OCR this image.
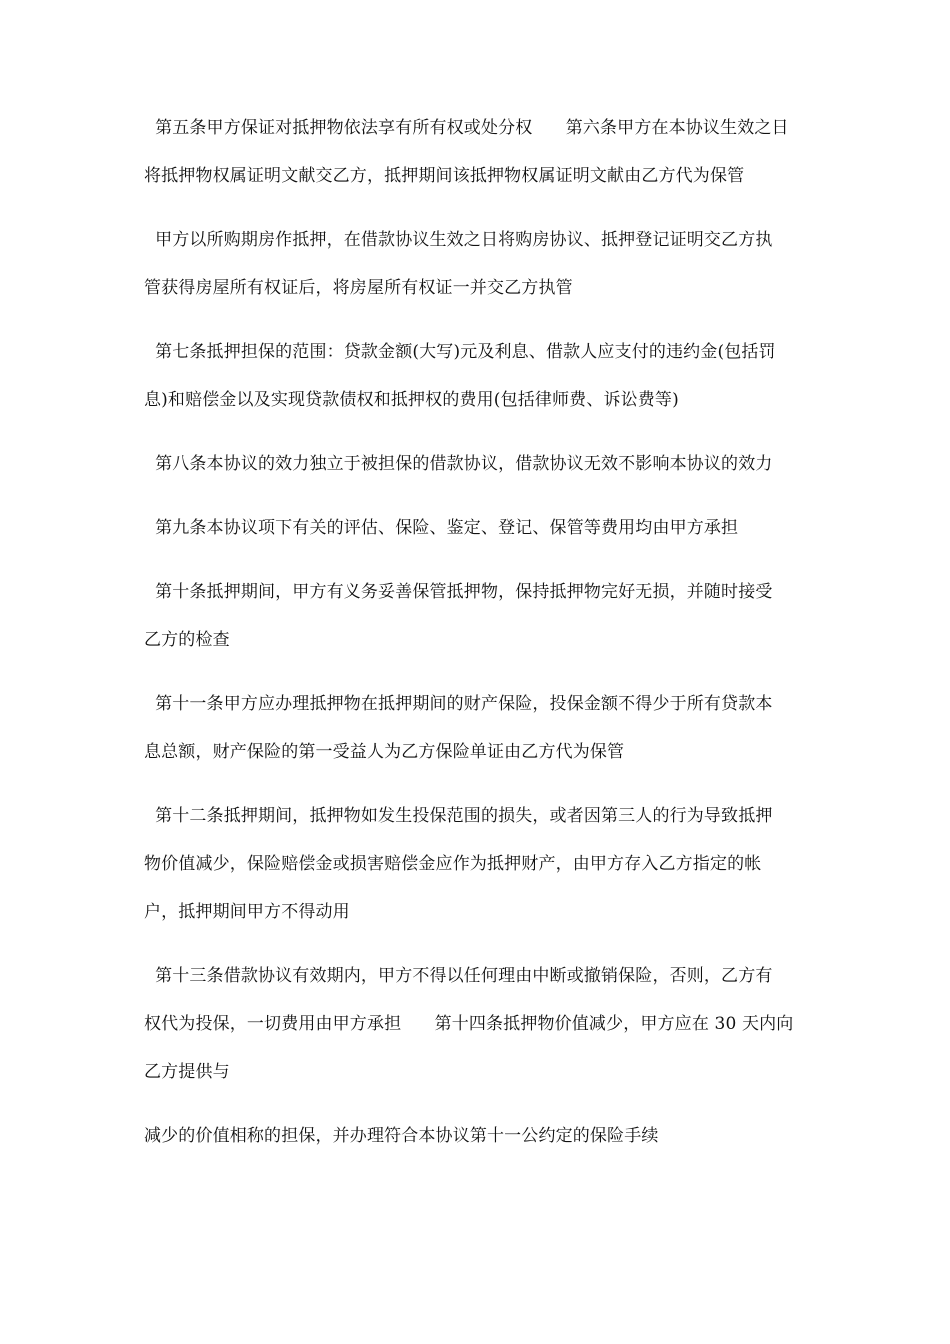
第五条甲方保证对抵押物依法享有所有权或处分权      第六条甲方在本协议生效之日
将抵押物权属证明文献交乙方，抵押期间该抵押物权属证明文献由乙方代为保管
甲方以所购期房作抵押，在借款协议生效之日将购房协议、抵押登记证明交乙方执
管获得房屋所有权证后，将房屋所有权证一并交乙方执管
第七条抵押担保的范围：贷款金额(大写)元及利息、借款人应支付的违约金(包括罚
息)和赔偿金以及实现贷款债权和抵押权的费用(包括律师费、诉讼费等)
第八条本协议的效力独立于被担保的借款协议，借款协议无效不影响本协议的效力
第九条本协议项下有关的评估、保险、鉴定、登记、保管等费用均由甲方承担
第十条抵押期间，甲方有义务妥善保管抵押物，保持抵押物完好无损，并随时接受
乙方的检查
第十一条甲方应办理抵押物在抵押期间的财产保险，投保金额不得少于所有贷款本
息总额，财产保险的第一受益人为乙方保险单证由乙方代为保管
第十二条抵押期间，抵押物如发生投保范围的损失，或者因第三人的行为导致抵押
物价值减少，保险赔偿金或损害赔偿金应作为抵押财产，由甲方存入乙方指定的帐
户，抵押期间甲方不得动用
第十三条借款协议有效期内，甲方不得以任何理由中断或撤销保险，否则，乙方有
权代为投保，一切费用由甲方承担      第十四条抵押物价值减少，甲方应在 30 天内向
乙方提供与
减少的价值相称的担保，并办理符合本协议第十一公约定的保险手续
